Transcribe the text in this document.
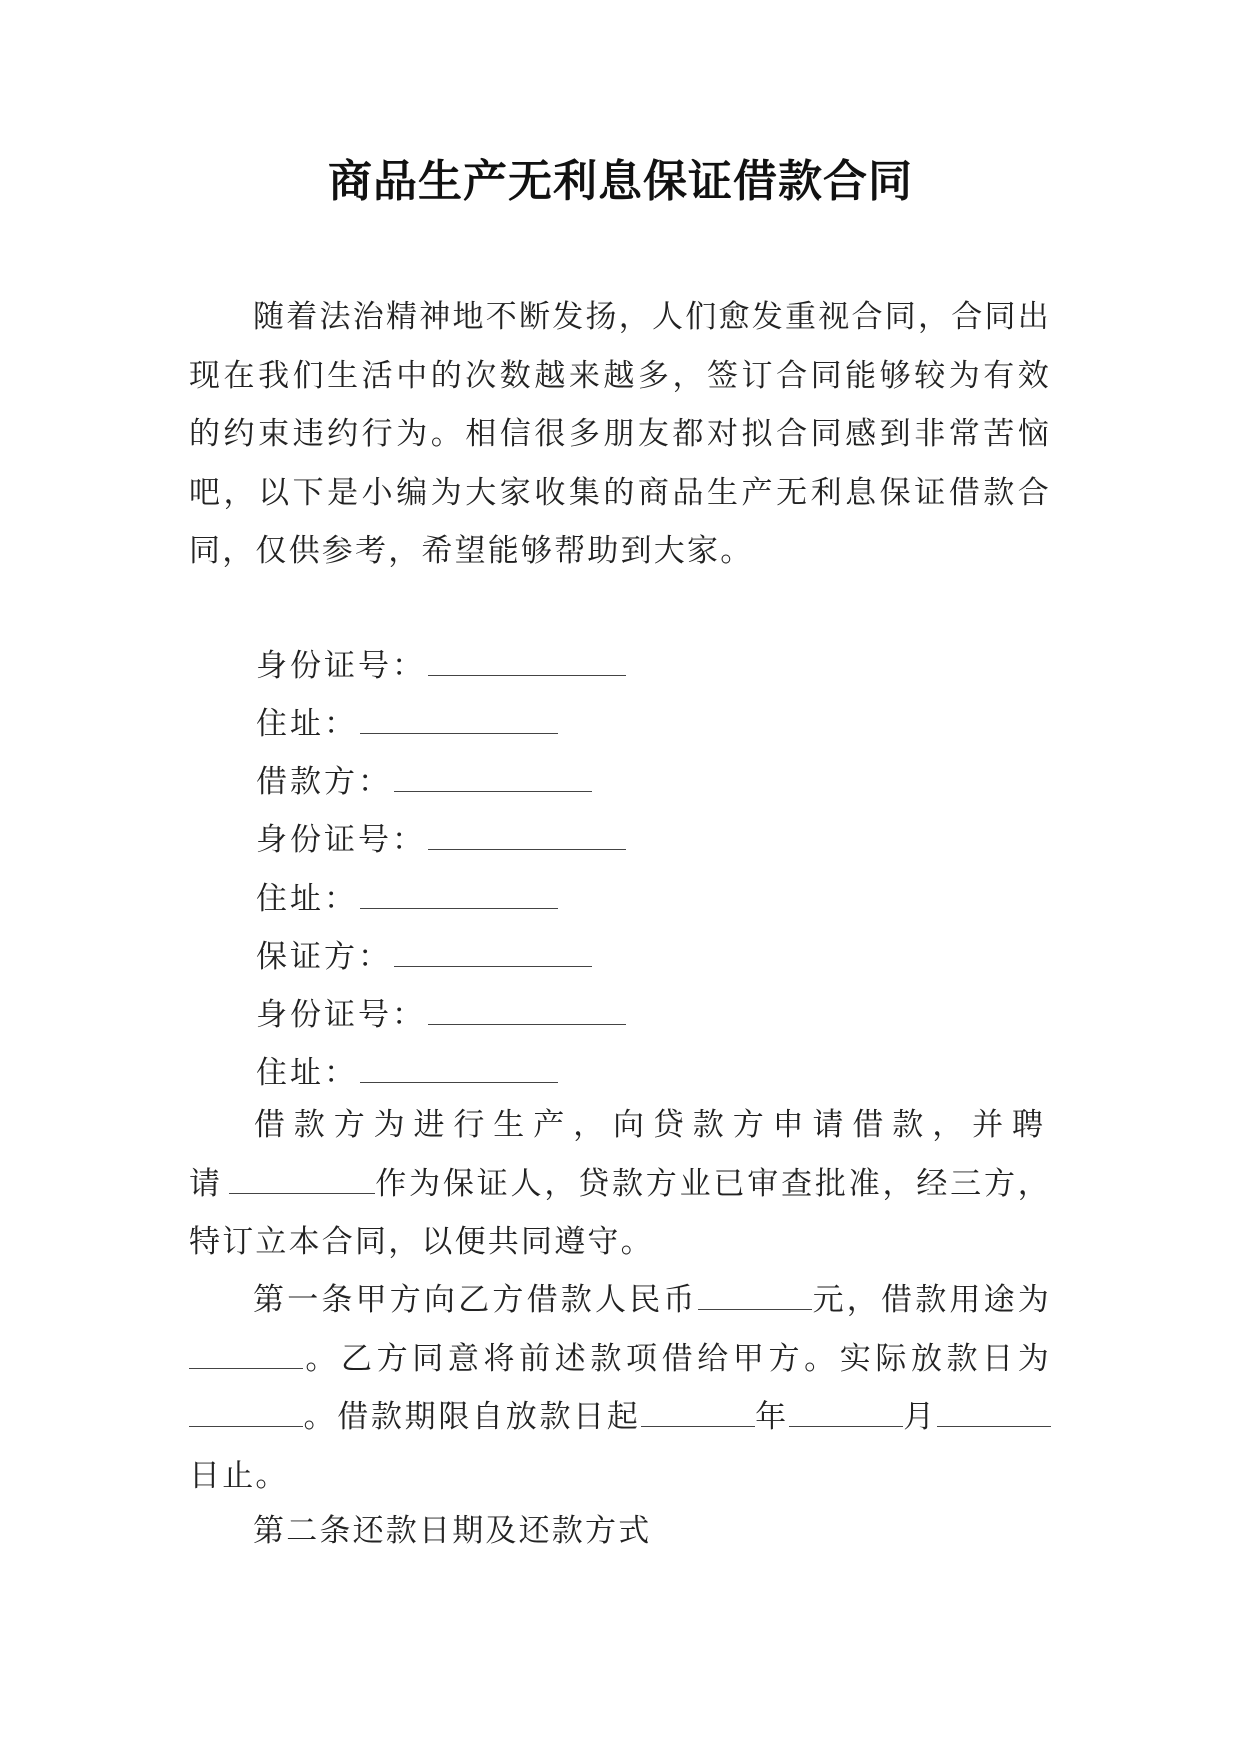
商品生产无利息保证借款合同
随着法治精神地不断发扬，人们愈发重视合同，合同出现在我们生活中的次数越来越多，签订合同能够较为有效的约束违约行为。相信很多朋友都对拟合同感到非常苦恼吧，以下是小编为大家收集的商品生产无利息保证借款合同，仅供参考，希望能够帮助到大家。
身份证号：
住址：
借款方：
身份证号：
住址：
保证方：
身份证号：
住址：
借款方为进行生产，向贷款方申请借款，并聘请	作为保证人，贷款方业已审查批准，经三方，特订立本合同，以便共同遵守。
第一条甲方向乙方借款人民币	元，借款用途为。乙方同意将前述款项借给甲方。实际放款日为。借款期限自放款日起	年	月日止。
第二条还款日期及还款方式
